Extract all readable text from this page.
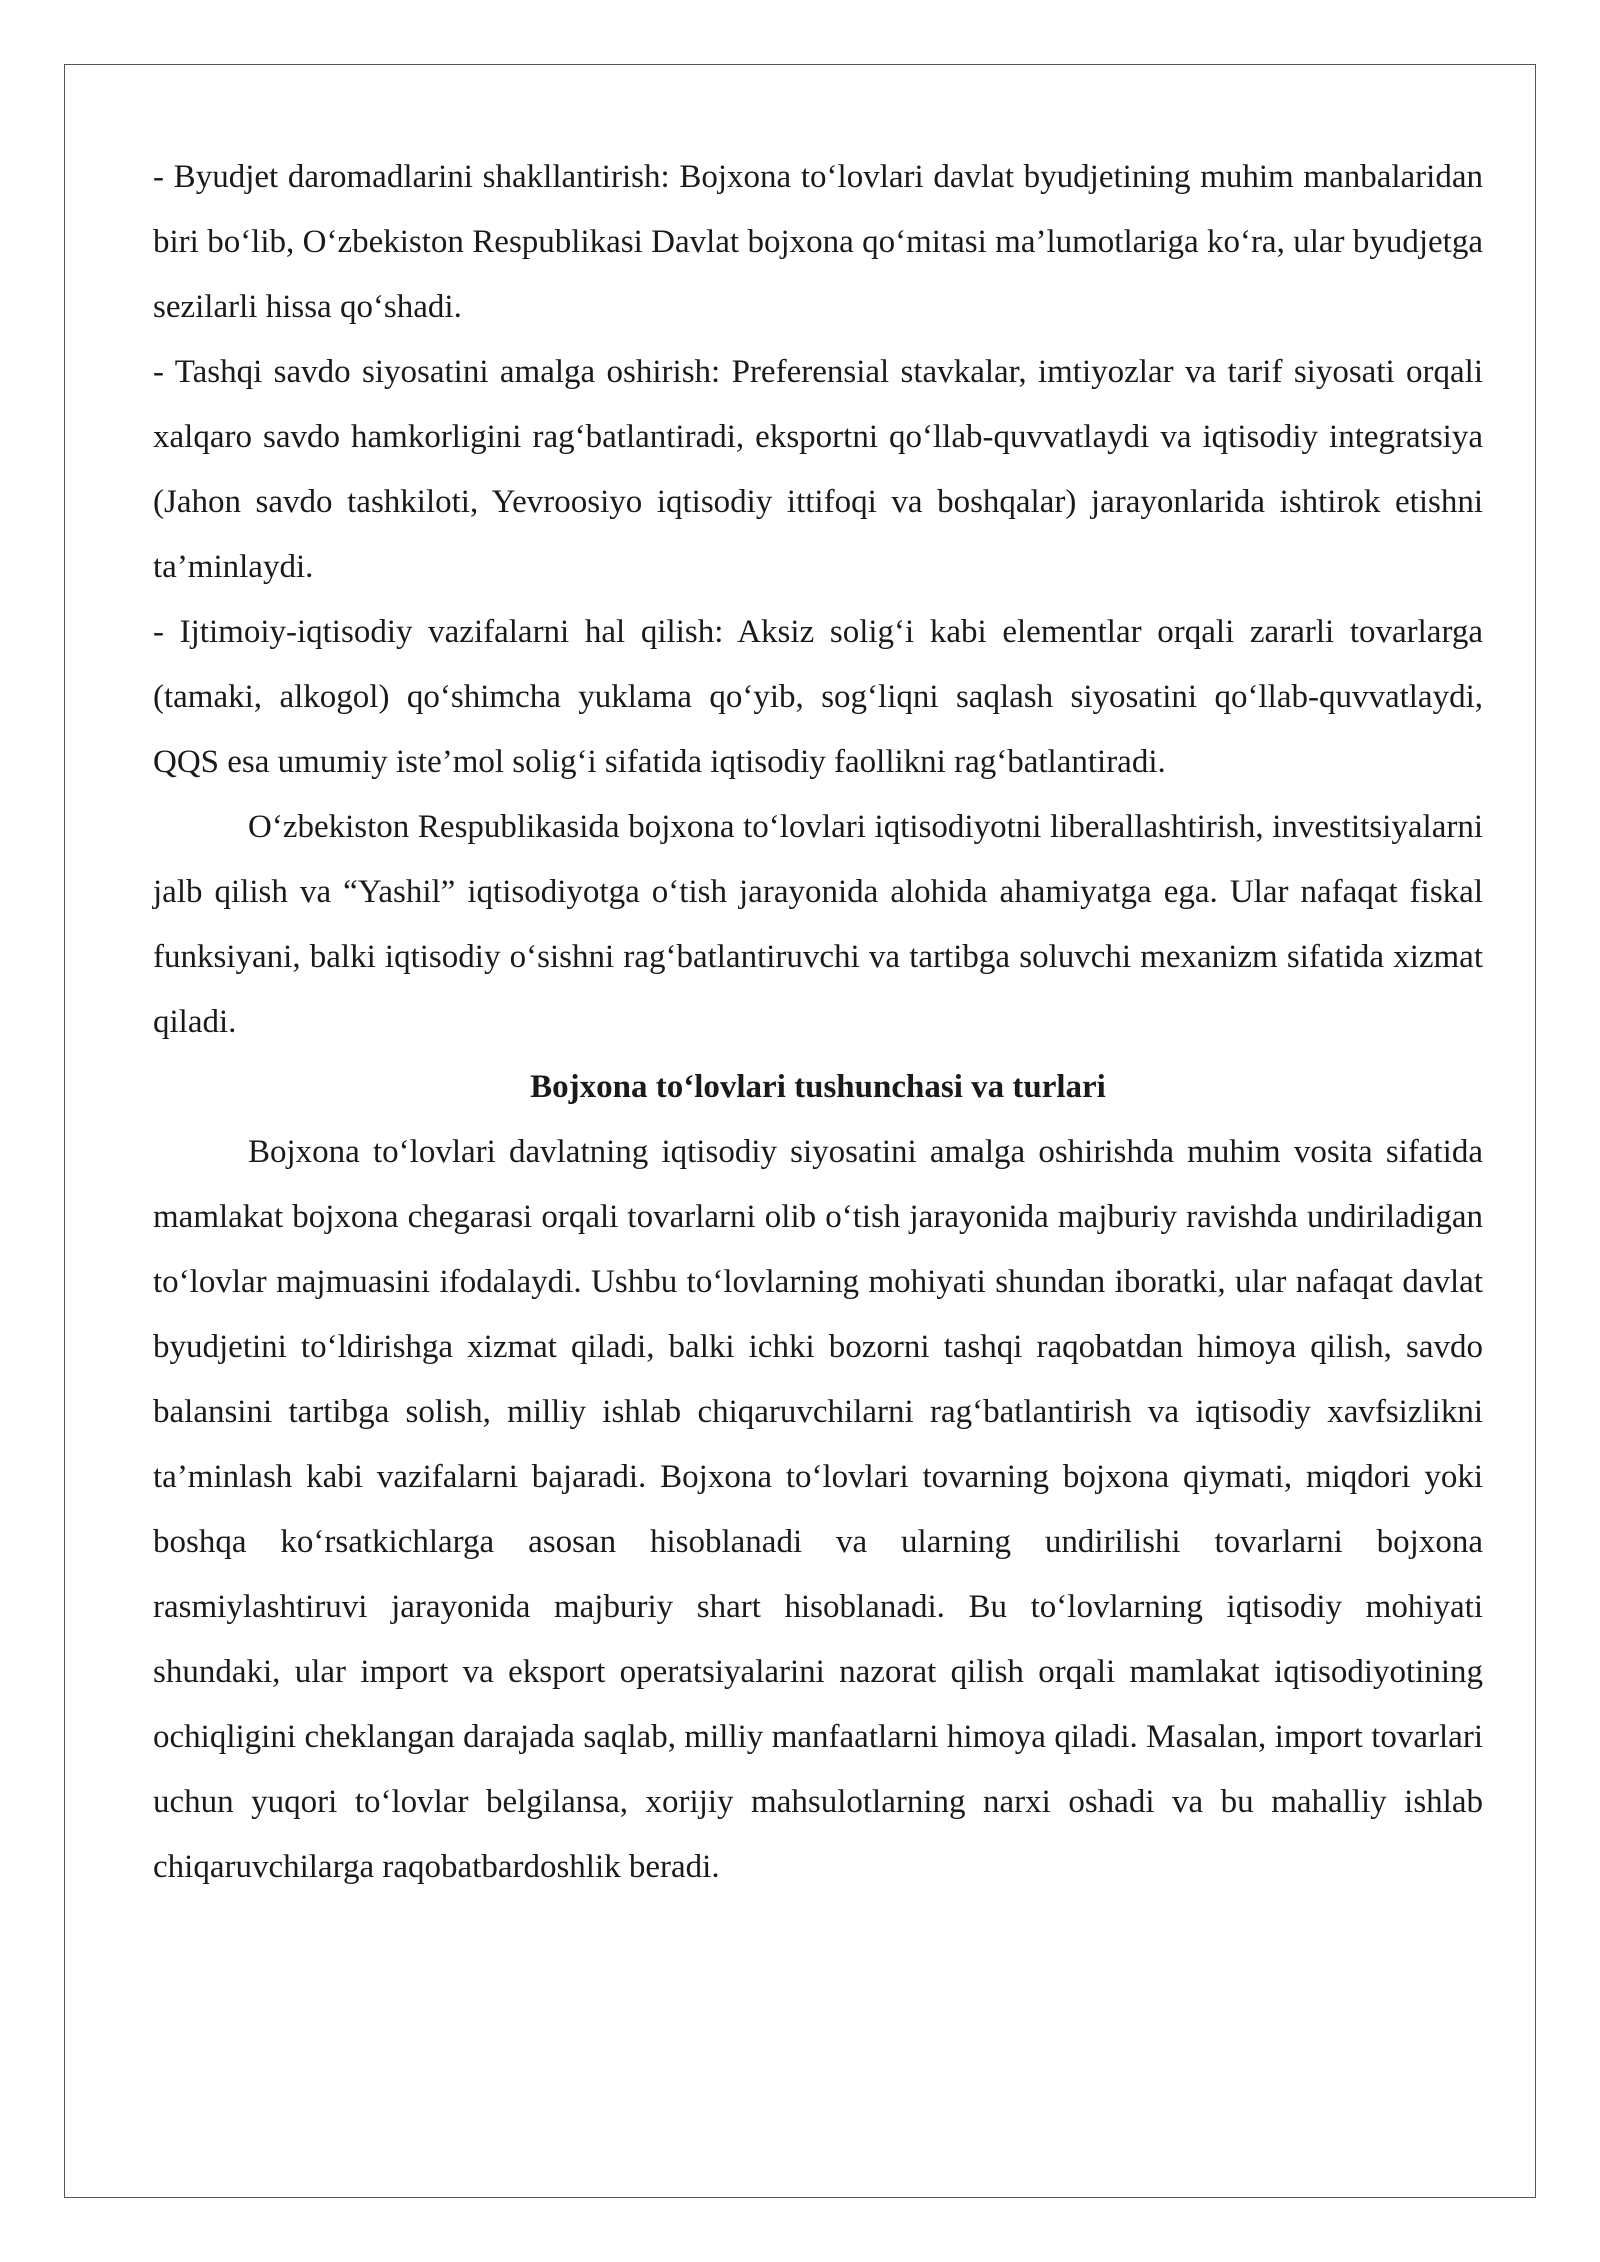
- Byudjet daromadlarini shakllantirish: Bojxona to‘lovlari davlat byudjetining muhim manbalaridan biri bo‘lib, O‘zbekiston Respublikasi Davlat bojxona qo‘mitasi ma’lumotlariga ko‘ra, ular byudjetga sezilarli hissa qo‘shadi.

- Tashqi savdo siyosatini amalga oshirish: Preferensial stavkalar, imtiyozlar va tarif siyosati orqali xalqaro savdo hamkorligini rag‘batlantiradi, eksportni qo‘llab-quvvatlaydi va iqtisodiy integratsiya (Jahon savdo tashkiloti, Yevroosiyo iqtisodiy ittifoqi va boshqalar) jarayonlarida ishtirok etishni ta’minlaydi.

- Ijtimoiy-iqtisodiy vazifalarni hal qilish: Aksiz solig‘i kabi elementlar orqali zararli tovarlarga (tamaki, alkogol) qo‘shimcha yuklama qo‘yib, sog‘liqni saqlash siyosatini qo‘llab-quvvatlaydi, QQS esa umumiy iste’mol solig‘i sifatida iqtisodiy faollikni rag‘batlantiradi.

O‘zbekiston Respublikasida bojxona to‘lovlari iqtisodiyotni liberallashtirish, investitsiyalarni jalb qilish va “Yashil” iqtisodiyotga o‘tish jarayonida alohida ahamiyatga ega. Ular nafaqat fiskal funksiyani, balki iqtisodiy o‘sishni rag‘batlantiruvchi va tartibga soluvchi mexanizm sifatida xizmat qiladi.

Bojxona to‘lovlari tushunchasi va turlari

Bojxona to‘lovlari davlatning iqtisodiy siyosatini amalga oshirishda muhim vosita sifatida mamlakat bojxona chegarasi orqali tovarlarni olib o‘tish jarayonida majburiy ravishda undiriladigan to‘lovlar majmuasini ifodalaydi. Ushbu to‘lovlarning mohiyati shundan iboratki, ular nafaqat davlat byudjetini to‘ldirishga xizmat qiladi, balki ichki bozorni tashqi raqobatdan himoya qilish, savdo balansini tartibga solish, milliy ishlab chiqaruvchilarni rag‘batlantirish va iqtisodiy xavfsizlikni ta’minlash kabi vazifalarni bajaradi. Bojxona to‘lovlari tovarning bojxona qiymati, miqdori yoki boshqa ko‘rsatkichlarga asosan hisoblanadi va ularning undirilishi tovarlarni bojxona rasmiylashtiruvi jarayonida majburiy shart hisoblanadi. Bu to‘lovlarning iqtisodiy mohiyati shundaki, ular import va eksport operatsiyalarini nazorat qilish orqali mamlakat iqtisodiyotining ochiqligini cheklangan darajada saqlab, milliy manfaatlarni himoya qiladi. Masalan, import tovarlari uchun yuqori to‘lovlar belgilansa, xorijiy mahsulotlarning narxi oshadi va bu mahalliy ishlab chiqaruvchilarga raqobatbardoshlik beradi.
